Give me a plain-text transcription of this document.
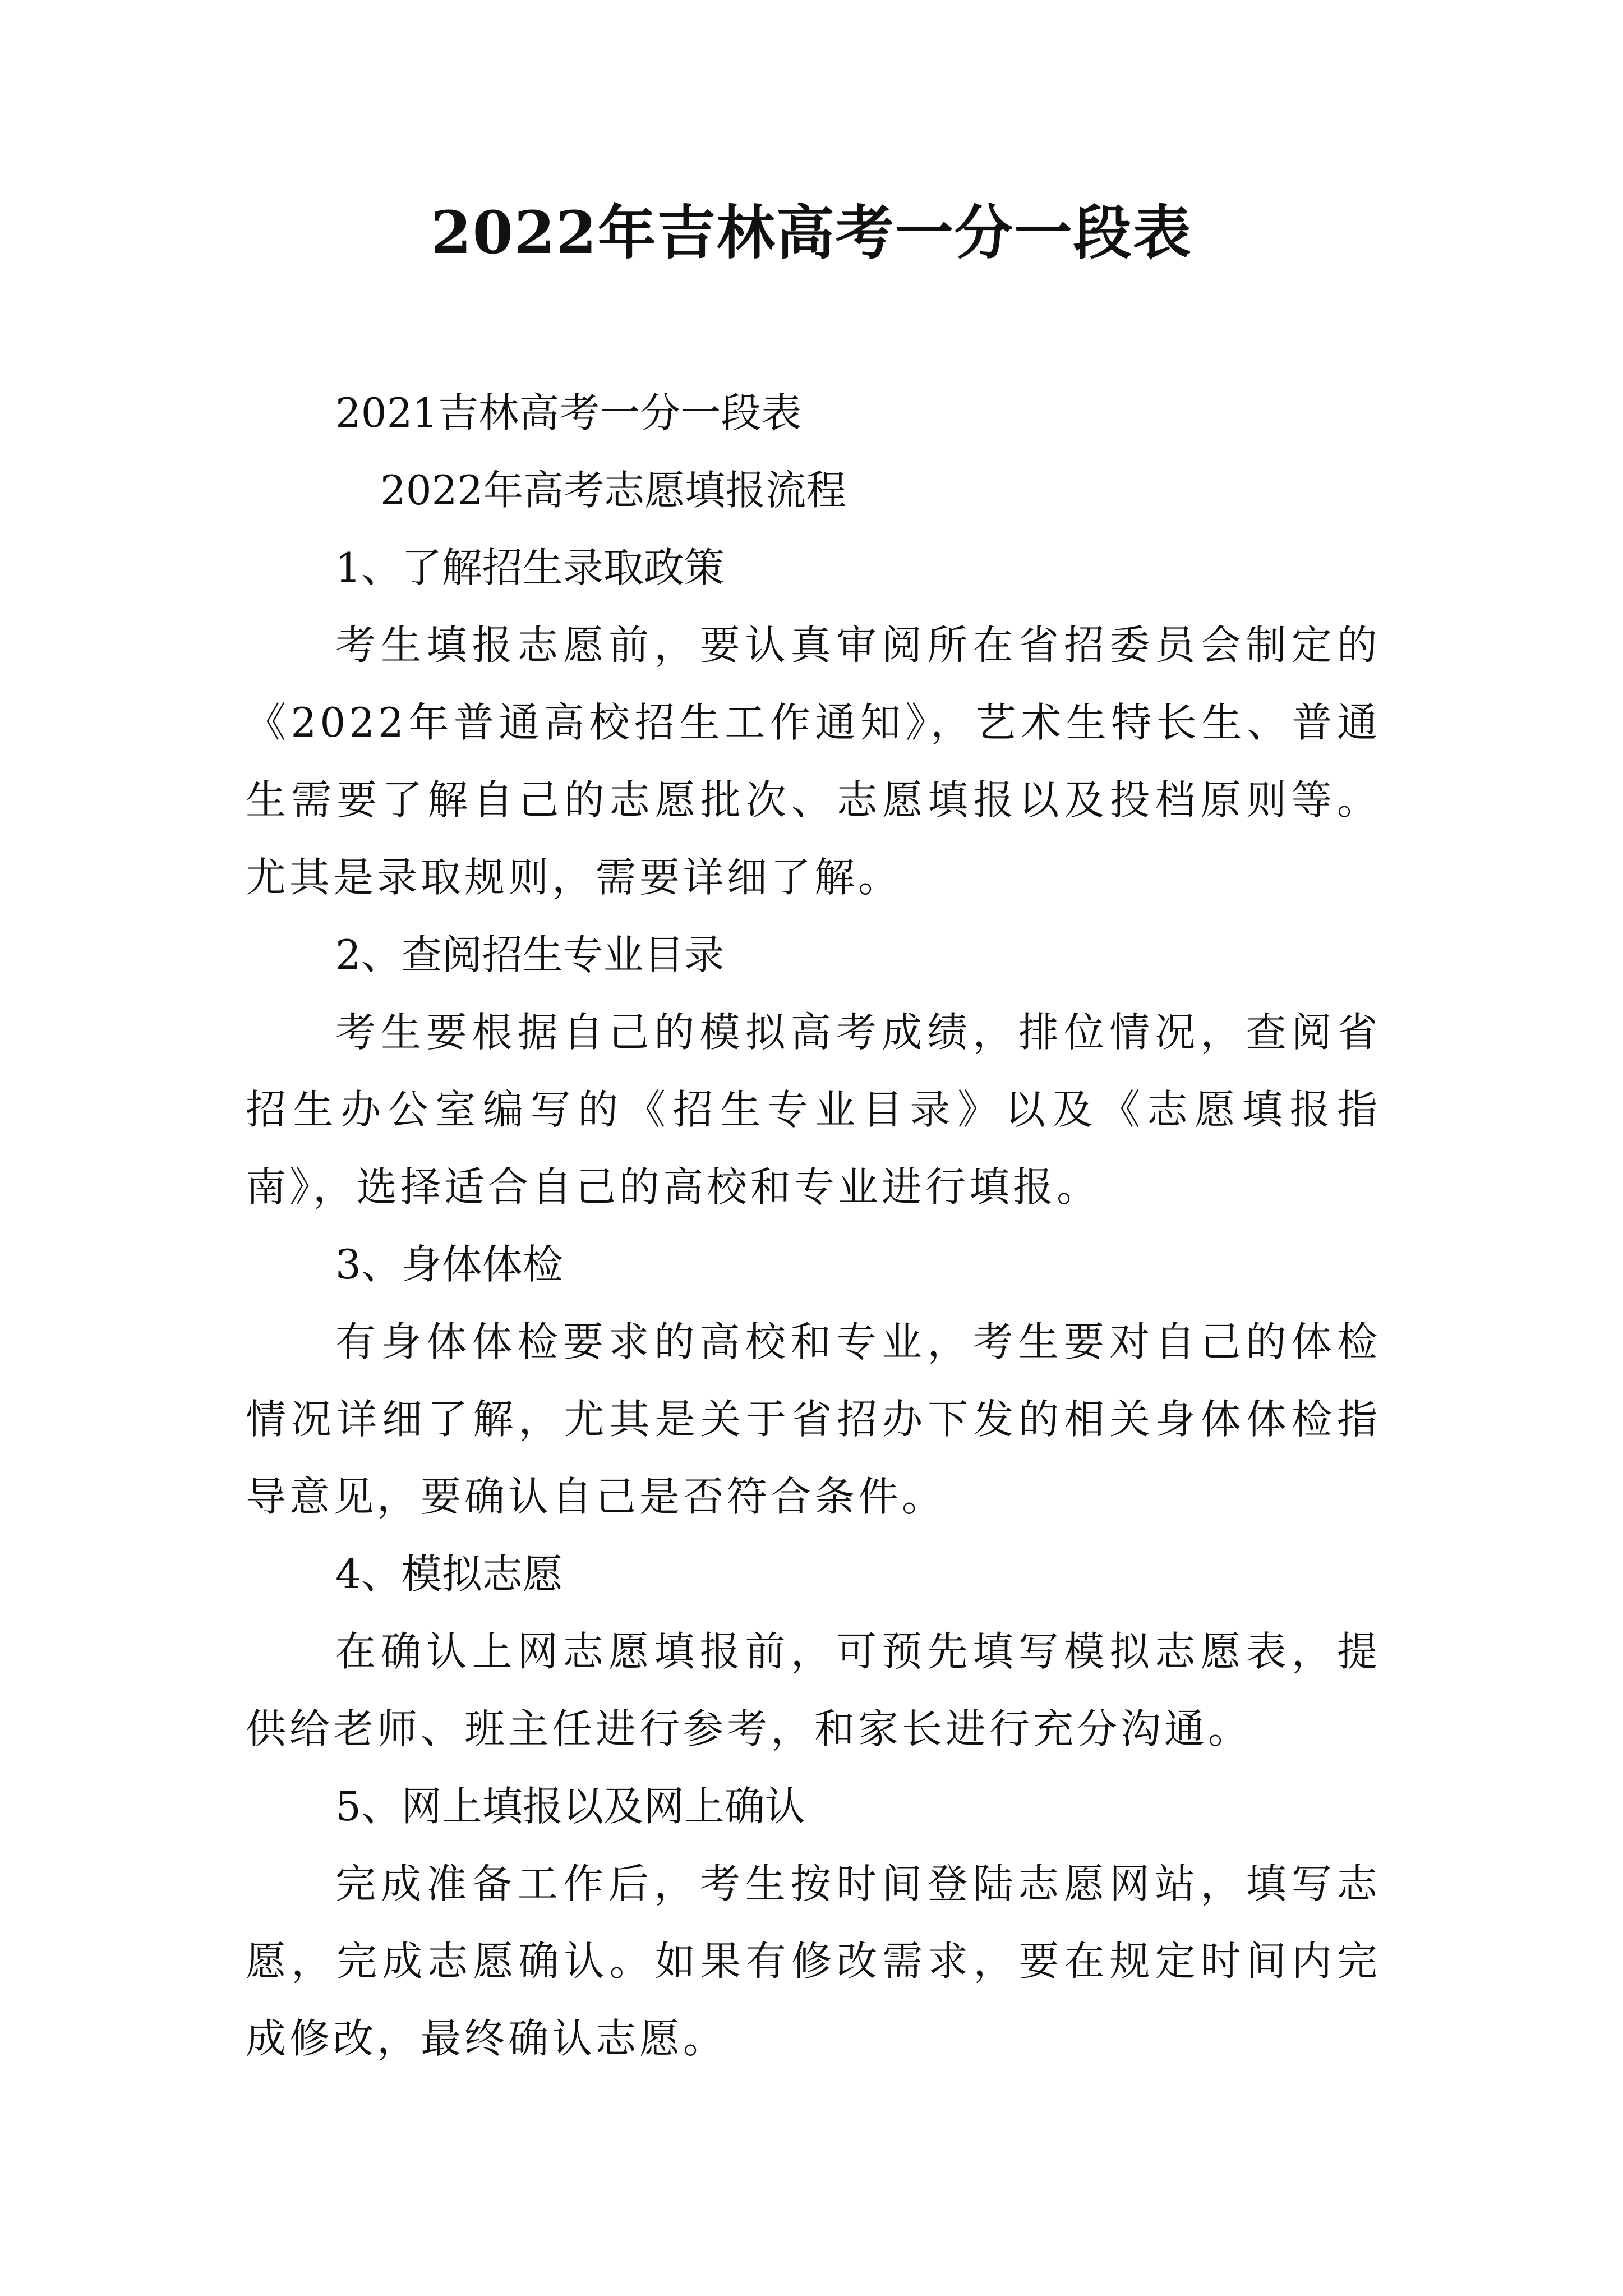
2022年吉林高考一分一段表
2021吉林高考一分一段表
2022年高考志愿填报流程
1、了解招生录取政策

考生填报志愿前，要认真审阅所在省招委员会制定的《2022年普通高校招生工作通知》，艺术生特长生、普通生需要了解自己的志愿批次、志愿填报以及投档原则等。尤其是录取规则，需要详细了解。

2、查阅招生专业目录

考生要根据自己的模拟高考成绩，排位情况，查阅省招生办公室编写的《招生专业目录》以及《志愿填报指南》，选择适合自己的高校和专业进行填报。

3、身体体检

有身体体检要求的高校和专业，考生要对自己的体检情况详细了解，尤其是关于省招办下发的相关身体体检指导意见，要确认自己是否符合条件。

4、模拟志愿

在确认上网志愿填报前，可预先填写模拟志愿表，提供给老师、班主任进行参考，和家长进行充分沟通。

5、网上填报以及网上确认

完成准备工作后，考生按时间登陆志愿网站，填写志愿，完成志愿确认。如果有修改需求，要在规定时间内完成修改，最终确认志愿。
